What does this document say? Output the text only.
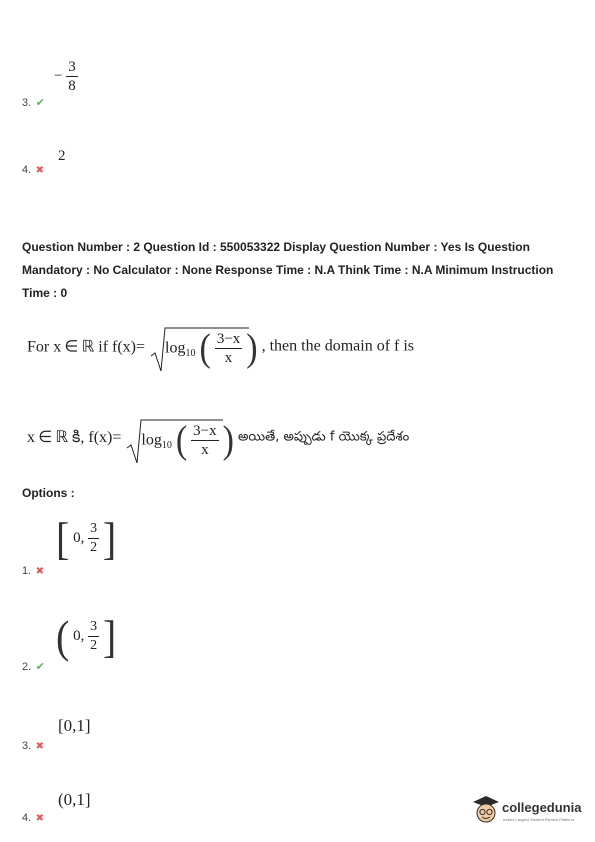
3. ✔
− $\frac{3}{8}$
4. ✖
2
Question Number : 2 Question Id : 550053322 Display Question Number : Yes Is Question
Mandatory : No Calculator : None Response Time : N.A Think Time : N.A Minimum Instruction
Time : 0
For x ∈ ℝ if $f(x)= \log_{10}$ ( $\frac{3-x}{x}$ ) , then the domain of f is
x ∈ ℝ కి, $f(x)= \log_{10}$ ( $\frac{3-x}{x}$ ) అయితే, అప్పుడు f యొక్క ప్రదేశం
Options :
1. ✖
[ 0, $\frac{3}{2}$ ]
2. ✔
( 0, $\frac{3}{2}$ ]
3. ✖
[0,1]
4. ✖
(0,1]	collegedunia
India's Largest Student Review Platform
